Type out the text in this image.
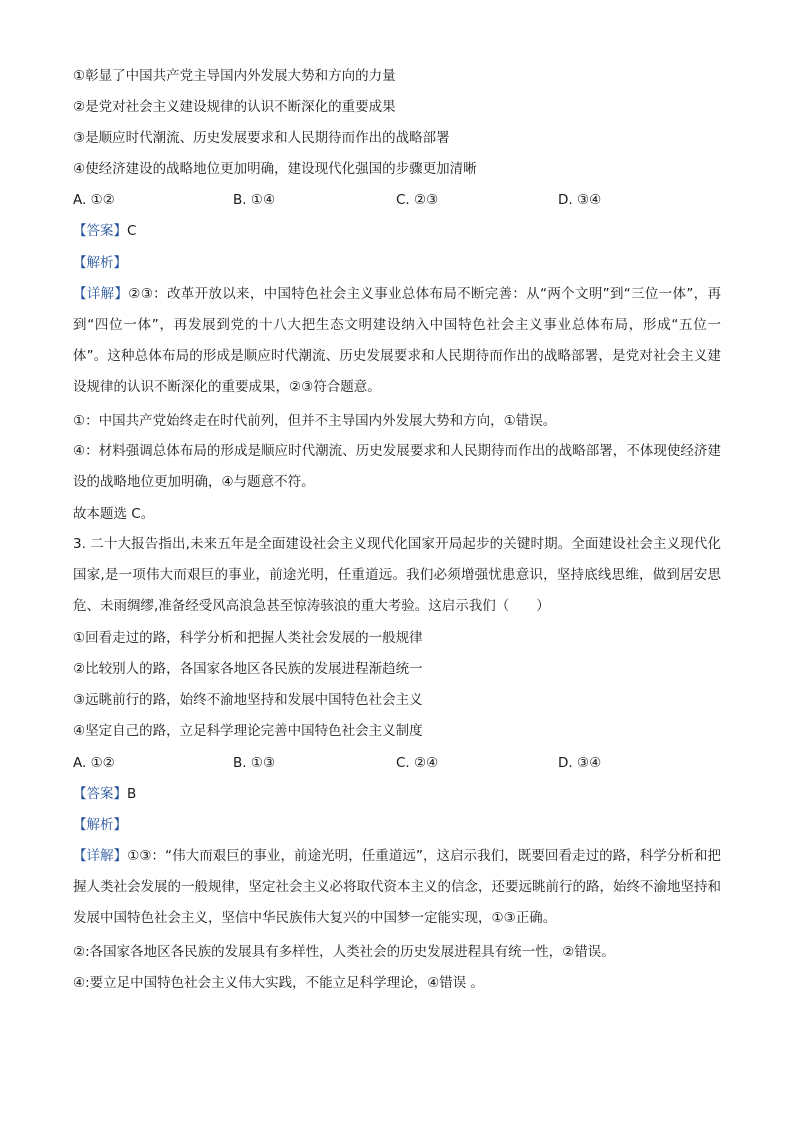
①彰显了中国共产党主导国内外发展大势和方向的力量
②是党对社会主义建设规律的认识不断深化的重要成果
③是顺应时代潮流、历史发展要求和人民期待而作出的战略部署
④使经济建设的战略地位更加明确，建设现代化强国的步骤更加清晰
A. ①②	B. ①④	C. ②③	D. ③④
【答案】C
【解析】
【详解】②③：改革开放以来，中国特色社会主义事业总体布局不断完善：从“两个文明”到“三位一体”，再到“四位一体”，再发展到党的十八大把生态文明建设纳入中国特色社会主义事业总体布局，形成“五位一体”。这种总体布局的形成是顺应时代潮流、历史发展要求和人民期待而作出的战略部署，是党对社会主义建设规律的认识不断深化的重要成果，②③符合题意。
①：中国共产党始终走在时代前列，但并不主导国内外发展大势和方向，①错误。
④：材料强调总体布局的形成是顺应时代潮流、历史发展要求和人民期待而作出的战略部署，不体现使经济建设的战略地位更加明确，④与题意不符。
故本题选 C。
3. 二十大报告指出,未来五年是全面建设社会主义现代化国家开局起步的关键时期。全面建设社会主义现代化国家,是一项伟大而艰巨的事业，前途光明，任重道远。我们必须增强忧患意识，坚持底线思维，做到居安思危、未雨绸缪,准备经受风高浪急甚至惊涛骇浪的重大考验。这启示我们（　　）
①回看走过的路，科学分析和把握人类社会发展的一般规律
②比较别人的路，各国家各地区各民族的发展进程渐趋统一
③远眺前行的路，始终不渝地坚持和发展中国特色社会主义
④坚定自己的路，立足科学理论完善中国特色社会主义制度
A. ①②	B. ①③	C. ②④	D. ③④
【答案】B
【解析】
【详解】①③：“伟大而艰巨的事业，前途光明，任重道远”，这启示我们，既要回看走过的路，科学分析和把握人类社会发展的一般规律，坚定社会主义必将取代资本主义的信念，还要远眺前行的路，始终不渝地坚持和发展中国特色社会主义，坚信中华民族伟大复兴的中国梦一定能实现，①③正确。
②:各国家各地区各民族的发展具有多样性，人类社会的历史发展进程具有统一性，②错误。
④:要立足中国特色社会主义伟大实践，不能立足科学理论，④错误 。
